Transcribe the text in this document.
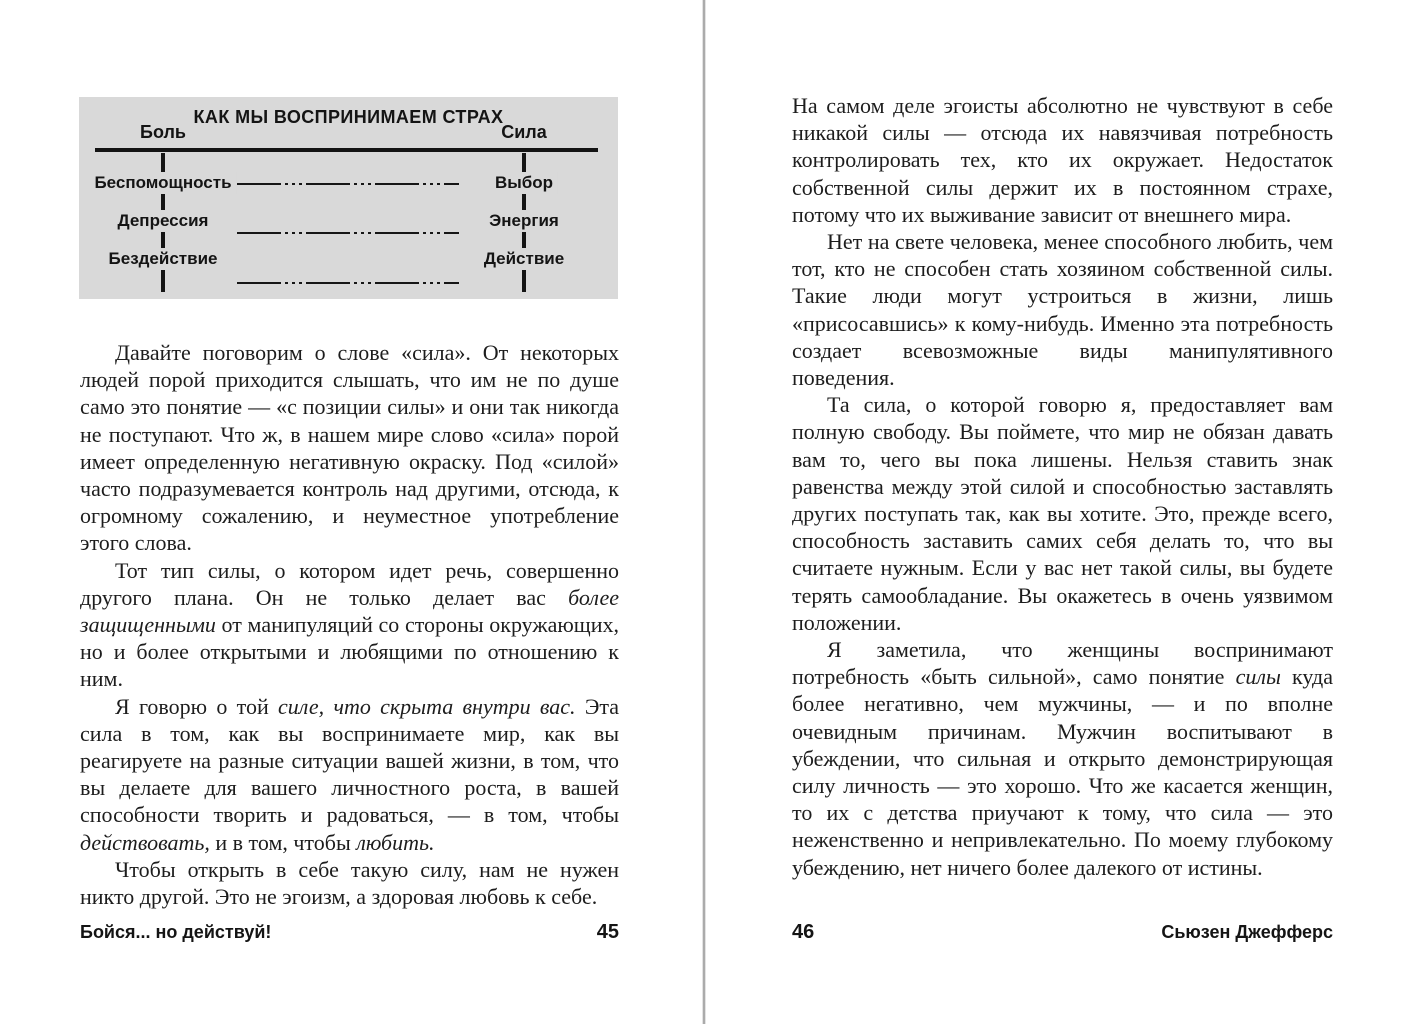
КАК МЫ ВОСПРИНИМАЕМ СТРАХ
Боль	Сила
Беспомощность	Выбор
Депрессия	Энергия
Бездействие	Действие

Давайте поговорим о слове «сила». От некоторых людей порой приходится слышать, что им не по душе само это понятие — «с позиции силы» и они так никогда не поступают. Что ж, в нашем мире слово «сила» порой имеет определенную негативную окраску. Под «силой» часто подразумевается контроль над другими, отсюда, к огромному сожалению, и неуместное употребление этого слова.

Тот тип силы, о котором идет речь, совершенно другого плана. Он не только делает вас более защищенными от манипуляций со стороны окружающих, но и более открытыми и любящими по отношению к ним.

Я говорю о той силе, что скрыта внутри вас. Эта сила в том, как вы воспринимаете мир, как вы реагируете на разные ситуации вашей жизни, в том, что вы делаете для вашего личностного роста, в вашей способности творить и радоваться, — в том, чтобы действовать, и в том, чтобы любить.

Чтобы открыть в себе такую силу, нам не нужен никто другой. Это не эгоизм, а здоровая любовь к себе.

Бойся... но действуй!	45

На самом деле эгоисты абсолютно не чувствуют в себе никакой силы — отсюда их навязчивая потребность контролировать тех, кто их окружает. Недостаток собственной силы держит их в постоянном страхе, потому что их выживание зависит от внешнего мира.

Нет на свете человека, менее способного любить, чем тот, кто не способен стать хозяином собственной силы. Такие люди могут устроиться в жизни, лишь «присосавшись» к кому-нибудь. Именно эта потребность создает всевозможные виды манипулятивного поведения.

Та сила, о которой говорю я, предоставляет вам полную свободу. Вы поймете, что мир не обязан давать вам то, чего вы пока лишены. Нельзя ставить знак равенства между этой силой и способностью заставлять других поступать так, как вы хотите. Это, прежде всего, способность заставить самих себя делать то, что вы считаете нужным. Если у вас нет такой силы, вы будете терять самообладание. Вы окажетесь в очень уязвимом положении.

Я заметила, что женщины воспринимают потребность «быть сильной», само понятие силы куда более негативно, чем мужчины, — и по вполне очевидным причинам. Мужчин воспитывают в убеждении, что сильная и открыто демонстрирующая силу личность — это хорошо. Что же касается женщин, то их с детства приучают к тому, что сила — это неженственно и непривлекательно. По моему глубокому убеждению, нет ничего более далекого от истины.

46	Сьюзен Джефферс
